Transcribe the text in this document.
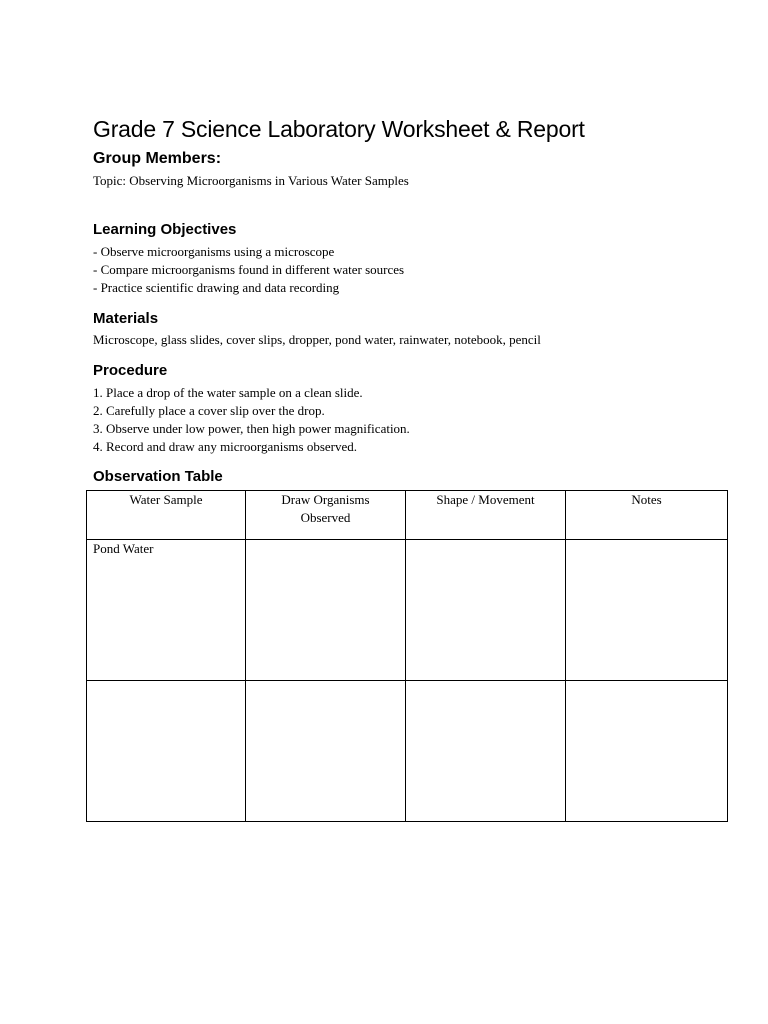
Grade 7 Science Laboratory Worksheet & Report
Group Members:
Topic: Observing Microorganisms in Various Water Samples
Learning Objectives
- Observe microorganisms using a microscope
- Compare microorganisms found in different water sources
- Practice scientific drawing and data recording
Materials
Microscope, glass slides, cover slips, dropper, pond water, rainwater, notebook, pencil
Procedure
1. Place a drop of the water sample on a clean slide.
2. Carefully place a cover slip over the drop.
3. Observe under low power, then high power magnification.
4. Record and draw any microorganisms observed.
Observation Table
Water Sample	Draw Organisms Observed	Shape / Movement	Notes
Pond Water			
